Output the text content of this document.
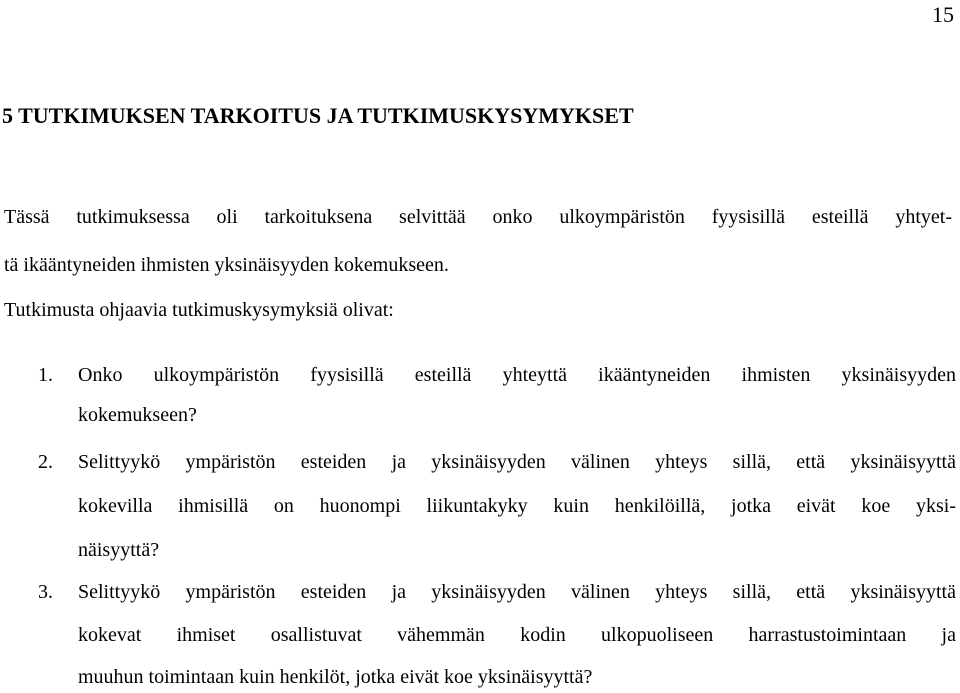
15
5 TUTKIMUKSEN TARKOITUS JA TUTKIMUSKYSYMYKSET
Tässä tutkimuksessa oli tarkoituksena selvittää onko ulkoympäristön fyysisillä esteillä yhtyet-
tä ikääntyneiden ihmisten yksinäisyyden kokemukseen.
Tutkimusta ohjaavia tutkimuskysymyksiä olivat:
1. Onko ulkoympäristön fyysisillä esteillä yhteyttä ikääntyneiden ihmisten yksinäisyyden
kokemukseen?
2. Selittyykö ympäristön esteiden ja yksinäisyyden välinen yhteys sillä, että yksinäisyyttä
kokevilla ihmisillä on huonompi liikuntakyky kuin henkilöillä, jotka eivät koe yksi-
näisyyttä?
3. Selittyykö ympäristön esteiden ja yksinäisyyden välinen yhteys sillä, että yksinäisyyttä
kokevat ihmiset osallistuvat vähemmän kodin ulkopuoliseen harrastustoimintaan ja
muuhun toimintaan kuin henkilöt, jotka eivät koe yksinäisyyttä?
